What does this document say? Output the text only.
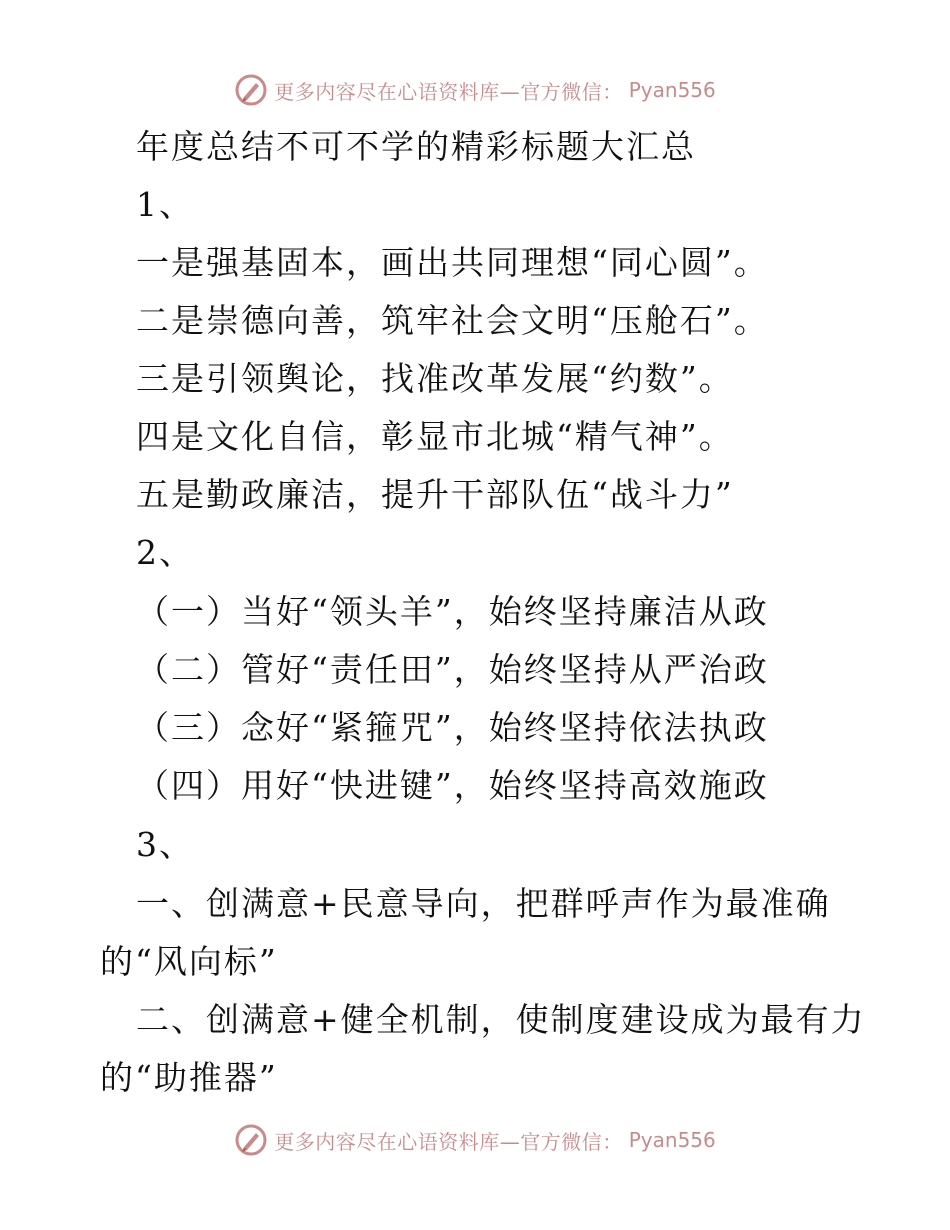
更多内容尽在心语资料库—官方微信： Pyan556
年度总结不可不学的精彩标题大汇总
1、
一是强基固本，画出共同理想“同心圆”。
二是崇德向善，筑牢社会文明“压舱石”。
三是引领舆论，找准改革发展“约数”。
四是文化自信，彰显市北城“精气神”。
五是勤政廉洁，提升干部队伍“战斗力”
2、
（一）当好“领头羊”，始终坚持廉洁从政
（二）管好“责任田”，始终坚持从严治政
（三）念好“紧箍咒”，始终坚持依法执政
（四）用好“快进键”，始终坚持高效施政
3、
一、创满意+民意导向，把群呼声作为最准确
的“风向标”
二、创满意+健全机制，使制度建设成为最有力
的“助推器”
更多内容尽在心语资料库—官方微信： Pyan556
